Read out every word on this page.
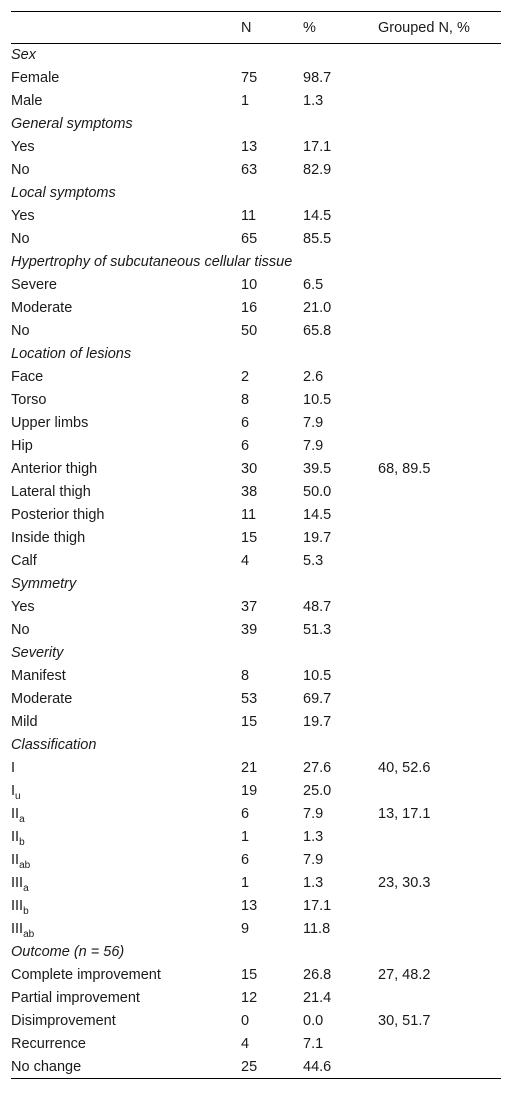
	N	%	Grouped N, %
Sex			
Female	75	98.7	
Male	1	1.3	
General symptoms			
Yes	13	17.1	
No	63	82.9	
Local symptoms			
Yes	11	14.5	
No	65	85.5	
Hypertrophy of subcutaneous cellular tissue			
Severe	10	6.5	
Moderate	16	21.0	
No	50	65.8	
Location of lesions			
Face	2	2.6	
Torso	8	10.5	
Upper limbs	6	7.9	
Hip	6	7.9	
Anterior thigh	30	39.5	68, 89.5
Lateral thigh	38	50.0	
Posterior thigh	11	14.5	
Inside thigh	15	19.7	
Calf	4	5.3	
Symmetry			
Yes	37	48.7	
No	39	51.3	
Severity			
Manifest	8	10.5	
Moderate	53	69.7	
Mild	15	19.7	
Classification			
I	21	27.6	40, 52.6
$I_u$	19	25.0	
$II_a$	6	7.9	13, 17.1
$II_b$	1	1.3	
$II_{ab}$	6	7.9	
$III_a$	1	1.3	23, 30.3
$III_b$	13	17.1	
$III_{ab}$	9	11.8	
Outcome (n = 56)			
Complete improvement	15	26.8	27, 48.2
Partial improvement	12	21.4	
Disimprovement	0	0.0	30, 51.7
Recurrence	4	7.1	
No change	25	44.6	
